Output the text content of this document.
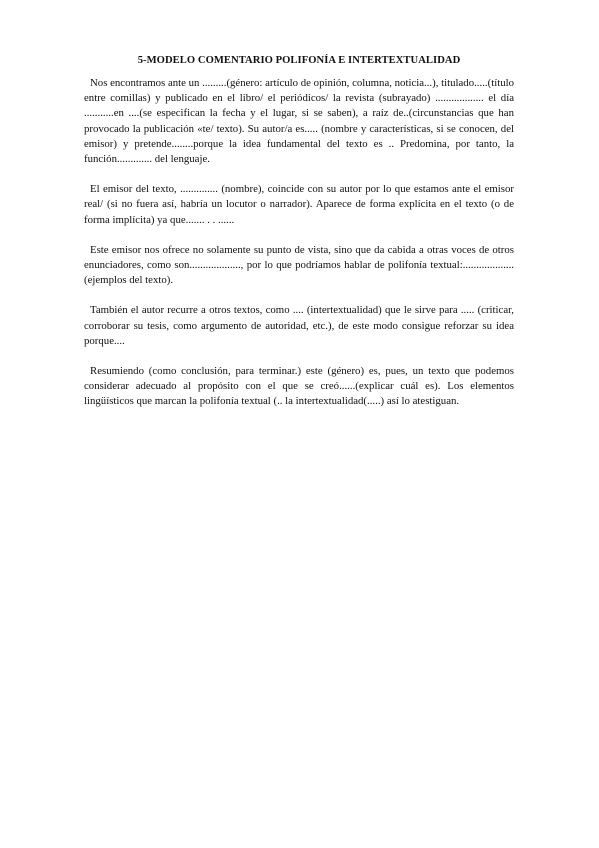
5-MODELO COMENTARIO POLIFONÍA E INTERTEXTUALIDAD

Nos encontramos ante un .........(género: artículo de opinión, columna, noticia...), titulado.....(título entre comillas) y publicado en el libro/ el periódicos/ la revista (subrayado) .................. el día ...........en ....(se especifican la fecha y el lugar, si se saben), a raíz de..(circunstancias que han provocado la publicación «te/ texto). Su autor/a es..... (nombre y características, si se conocen, del emisor) y pretende........porque la idea fundamental del texto es .. Predomina, por tanto, la función............. del lenguaje.

El emisor del texto, .............. (nombre), coincide con su autor por lo que estamos ante el emisor real/ (si no fuera así, habría un locutor o narrador). Aparece de forma explícita en el texto (o de forma implícita) ya que....... . . ......

Este emisor nos ofrece no solamente su punto de vista, sino que da cabida a otras voces de otros enunciadores, como son..................., por lo que podríamos hablar de polifonía textual:...................(ejemplos del texto).

También el autor recurre a otros textos, como .... (intertextualidad) que le sirve para ..... (criticar, corroborar su tesis, como argumento de autoridad, etc.), de este modo consigue reforzar su idea porque....

Resumiendo (como conclusión, para terminar.) este (género) es, pues, un texto que podemos considerar adecuado al propósito con el que se creó......(explicar cuál es). Los elementos lingüísticos que marcan la polifonía textual (.. la intertextualidad(.....) así lo atestiguan.
